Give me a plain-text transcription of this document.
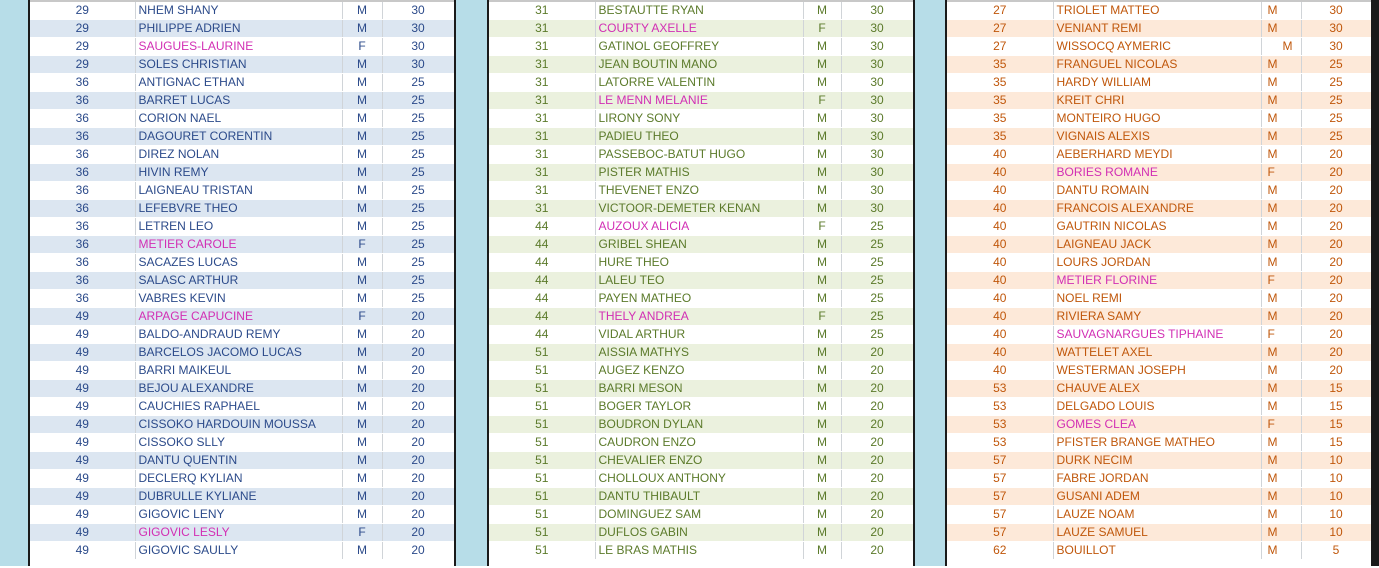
29	NHEM SHANY	M	30
29	PHILIPPE ADRIEN	M	30
29	SAUGUES-LAURINE	F	30
29	SOLES CHRISTIAN	M	30
36	ANTIGNAC ETHAN	M	25
36	BARRET LUCAS	M	25
36	CORION NAEL	M	25
36	DAGOURET CORENTIN	M	25
36	DIREZ NOLAN	M	25
36	HIVIN REMY	M	25
36	LAIGNEAU TRISTAN	M	25
36	LEFEBVRE THEO	M	25
36	LETREN LEO	M	25
36	METIER CAROLE	F	25
36	SACAZES LUCAS	M	25
36	SALASC ARTHUR	M	25
36	VABRES KEVIN	M	25
49	ARPAGE CAPUCINE	F	20
49	BALDO-ANDRAUD REMY	M	20
49	BARCELOS JACOMO LUCAS	M	20
49	BARRI MAIKEUL	M	20
49	BEJOU ALEXANDRE	M	20
49	CAUCHIES RAPHAEL	M	20
49	CISSOKO HARDOUIN MOUSSA	M	20
49	CISSOKO SLLY	M	20
49	DANTU QUENTIN	M	20
49	DECLERQ KYLIAN	M	20
49	DUBRULLE KYLIANE	M	20
49	GIGOVIC LENY	M	20
49	GIGOVIC LESLY	F	20
49	GIGOVIC SAULLY	M	20
31	BESTAUTTE RYAN	M	30
31	COURTY AXELLE	F	30
31	GATINOL GEOFFREY	M	30
31	JEAN BOUTIN MANO	M	30
31	LATORRE VALENTIN	M	30
31	LE MENN MELANIE	F	30
31	LIRONY SONY	M	30
31	PADIEU THEO	M	30
31	PASSEBOC-BATUT HUGO	M	30
31	PISTER MATHIS	M	30
31	THEVENET ENZO	M	30
31	VICTOOR-DEMETER KENAN	M	30
44	AUZOUX ALICIA	F	25
44	GRIBEL SHEAN	M	25
44	HURE THEO	M	25
44	LALEU TEO	M	25
44	PAYEN MATHEO	M	25
44	THELY ANDREA	F	25
44	VIDAL ARTHUR	M	25
51	AISSIA MATHYS	M	20
51	AUGEZ KENZO	M	20
51	BARRI MESON	M	20
51	BOGER TAYLOR	M	20
51	BOUDRON DYLAN	M	20
51	CAUDRON ENZO	M	20
51	CHEVALIER ENZO	M	20
51	CHOLLOUX ANTHONY	M	20
51	DANTU THIBAULT	M	20
51	DOMINGUEZ SAM	M	20
51	DUFLOS GABIN	M	20
51	LE BRAS MATHIS	M	20
27	TRIOLET MATTEO	M	30
27	VENIANT REMI	M	30
27	WISSOCQ AYMERIC	M	30
35	FRANGUEL NICOLAS	M	25
35	HARDY WILLIAM	M	25
35	KREIT CHRI	M	25
35	MONTEIRO HUGO	M	25
35	VIGNAIS ALEXIS	M	25
40	AEBERHARD MEYDI	M	20
40	BORIES ROMANE	F	20
40	DANTU ROMAIN	M	20
40	FRANCOIS ALEXANDRE	M	20
40	GAUTRIN NICOLAS	M	20
40	LAIGNEAU JACK	M	20
40	LOURS JORDAN	M	20
40	METIER FLORINE	F	20
40	NOEL REMI	M	20
40	RIVIERA SAMY	M	20
40	SAUVAGNARGUES TIPHAINE	F	20
40	WATTELET AXEL	M	20
40	WESTERMAN JOSEPH	M	20
53	CHAUVE ALEX	M	15
53	DELGADO LOUIS	M	15
53	GOMES CLEA	F	15
53	PFISTER BRANGE MATHEO	M	15
57	DURK NECIM	M	10
57	FABRE JORDAN	M	10
57	GUSANI ADEM	M	10
57	LAUZE NOAM	M	10
57	LAUZE SAMUEL	M	10
62	BOUILLOT	M	5
